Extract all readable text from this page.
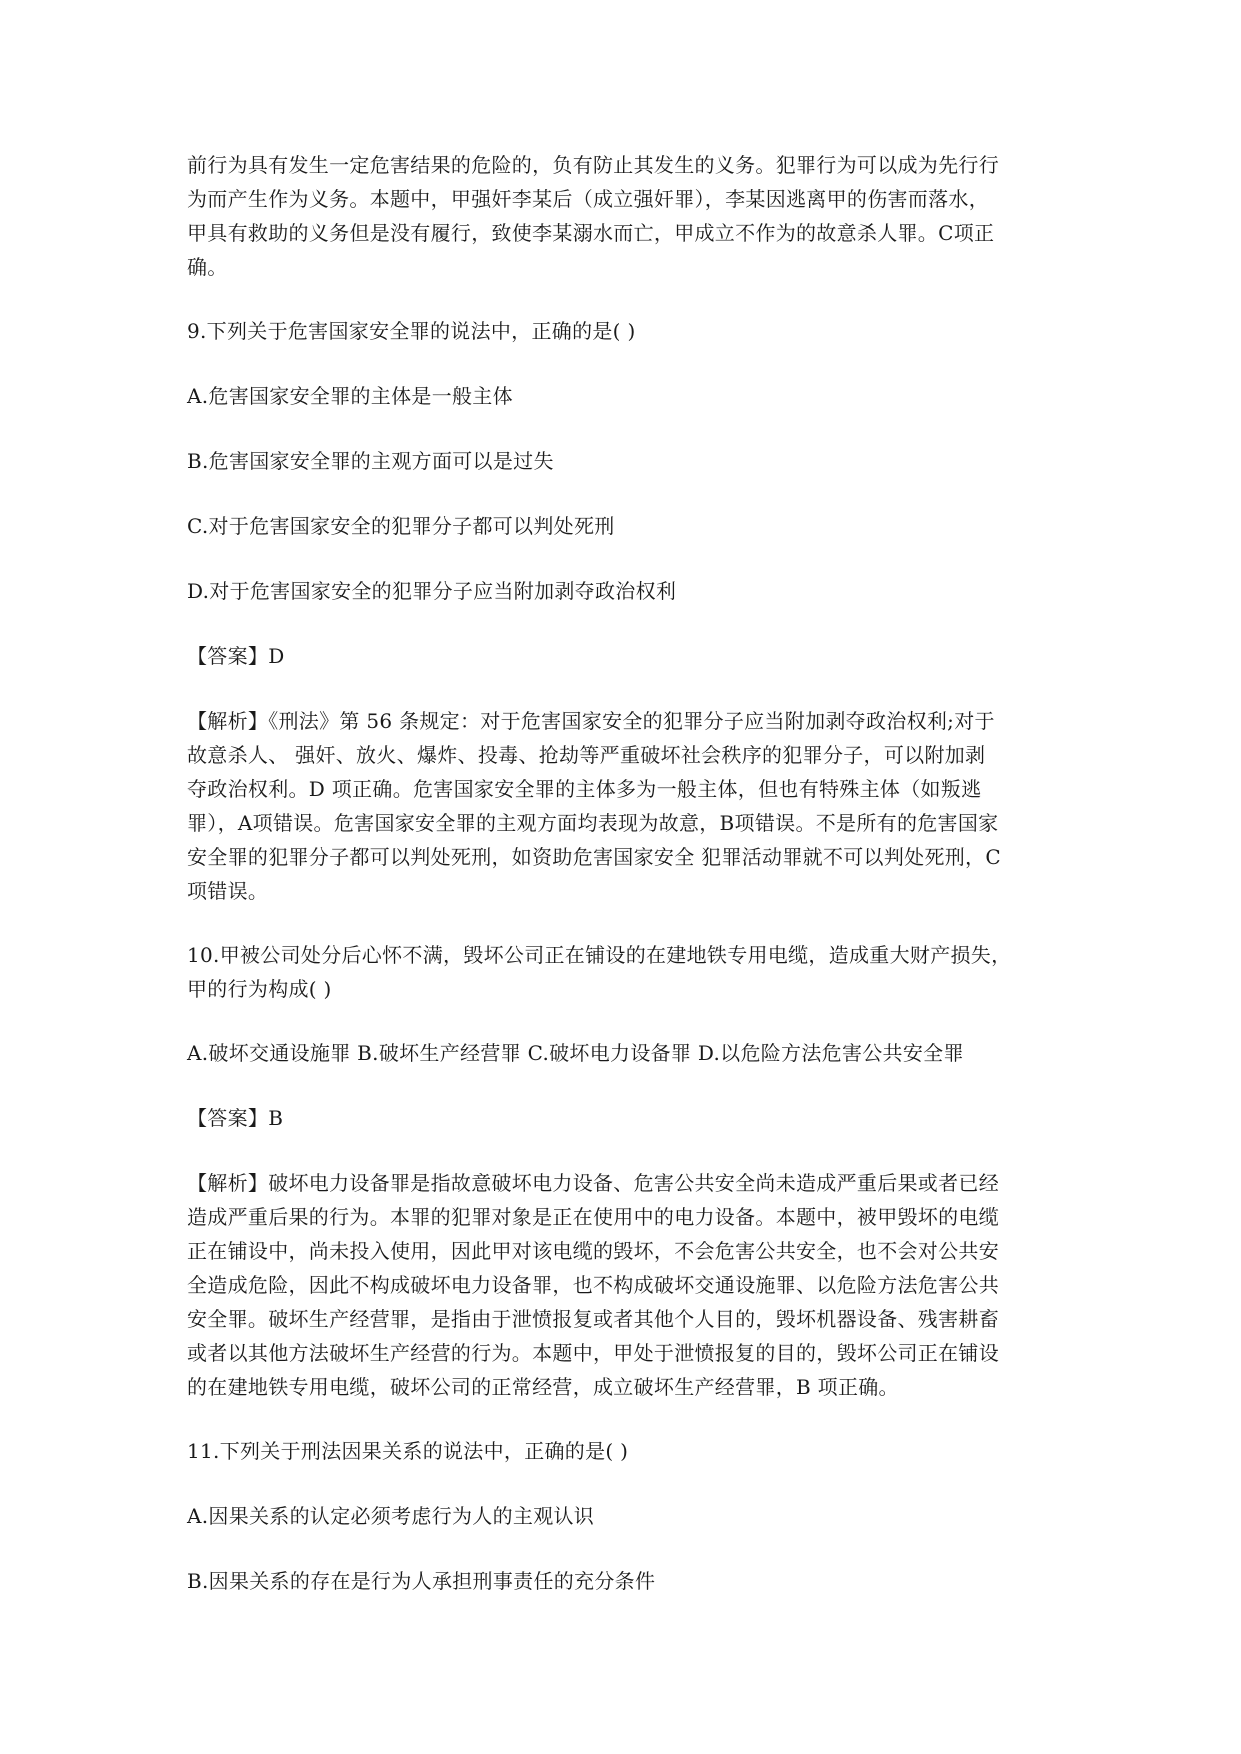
前行为具有发生一定危害结果的危险的，负有防止其发生的义务。犯罪行为可以成为先行行
为而产生作为义务。本题中，甲强奸李某后（成立强奸罪），李某因逃离甲的伤害而落水，
甲具有救助的义务但是没有履行，致使李某溺水而亡，甲成立不作为的故意杀人罪。C项正
确。

9.下列关于危害国家安全罪的说法中，正确的是( )

A.危害国家安全罪的主体是一般主体

B.危害国家安全罪的主观方面可以是过失

C.对于危害国家安全的犯罪分子都可以判处死刑

D.对于危害国家安全的犯罪分子应当附加剥夺政治权利

【答案】D

【解析】《刑法》第 56 条规定：对于危害国家安全的犯罪分子应当附加剥夺政治权利;对于
故意杀人、 强奸、放火、爆炸、投毒、抢劫等严重破坏社会秩序的犯罪分子，可以附加剥
夺政治权利。D 项正确。危害国家安全罪的主体多为一般主体，但也有特殊主体（如叛逃
罪），A项错误。危害国家安全罪的主观方面均表现为故意，B项错误。不是所有的危害国家
安全罪的犯罪分子都可以判处死刑，如资助危害国家安全 犯罪活动罪就不可以判处死刑，C
项错误。

10.甲被公司处分后心怀不满，毁坏公司正在铺设的在建地铁专用电缆，造成重大财产损失，
甲的行为构成( )

A.破坏交通设施罪 B.破坏生产经营罪 C.破坏电力设备罪 D.以危险方法危害公共安全罪

【答案】B

【解析】破坏电力设备罪是指故意破坏电力设备、危害公共安全尚未造成严重后果或者已经
造成严重后果的行为。本罪的犯罪对象是正在使用中的电力设备。本题中，被甲毁坏的电缆
正在铺设中，尚未投入使用，因此甲对该电缆的毁坏，不会危害公共安全，也不会对公共安
全造成危险，因此不构成破坏电力设备罪，也不构成破坏交通设施罪、以危险方法危害公共
安全罪。破坏生产经营罪，是指由于泄愤报复或者其他个人目的，毁坏机器设备、残害耕畜
或者以其他方法破坏生产经营的行为。本题中，甲处于泄愤报复的目的，毁坏公司正在铺设
的在建地铁专用电缆，破坏公司的正常经营，成立破坏生产经营罪，B 项正确。

11.下列关于刑法因果关系的说法中，正确的是( )

A.因果关系的认定必须考虑行为人的主观认识

B.因果关系的存在是行为人承担刑事责任的充分条件
